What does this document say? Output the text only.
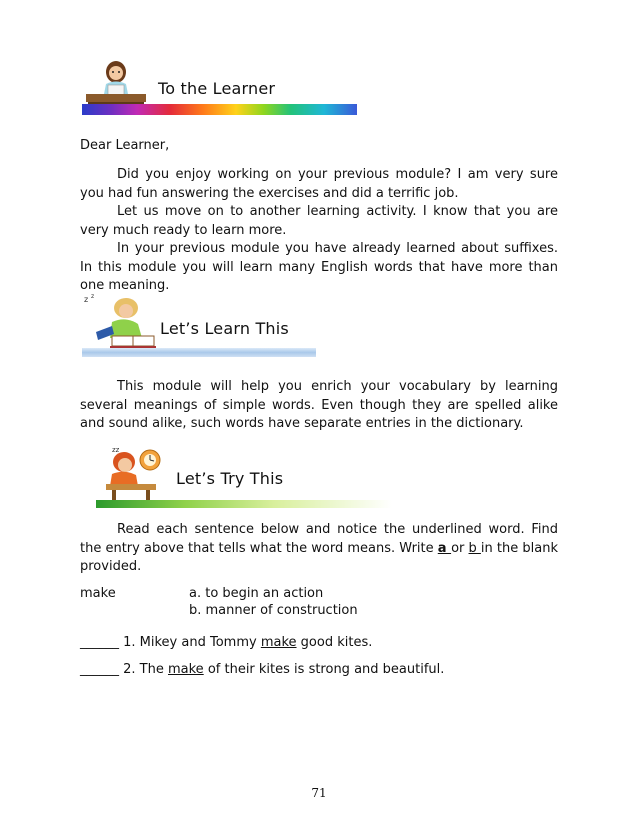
To the Learner
Dear Learner,
Did you enjoy working on your previous module? I am very sure you had fun answering the exercises and did a terrific job.
Let us move on to another learning activity. I know that you are very much ready to learn more.
In your previous module you have already learned about suffixes. In this module you will learn many English words that have more than one meaning.
z z
Let’s Learn This
This module will help you enrich your vocabulary by learning several meanings of simple words. Even though they are spelled alike and sound alike, such words have separate entries in the dictionary.
zz
Let’s Try This
Read each sentence below and notice the underlined word. Find the entry above that tells what the word means. Write a or b in the blank provided.
make	a. to begin an action
b. manner of construction
______ 1. Mikey and Tommy make good kites.
______ 2. The make of their kites is strong and beautiful.
71
